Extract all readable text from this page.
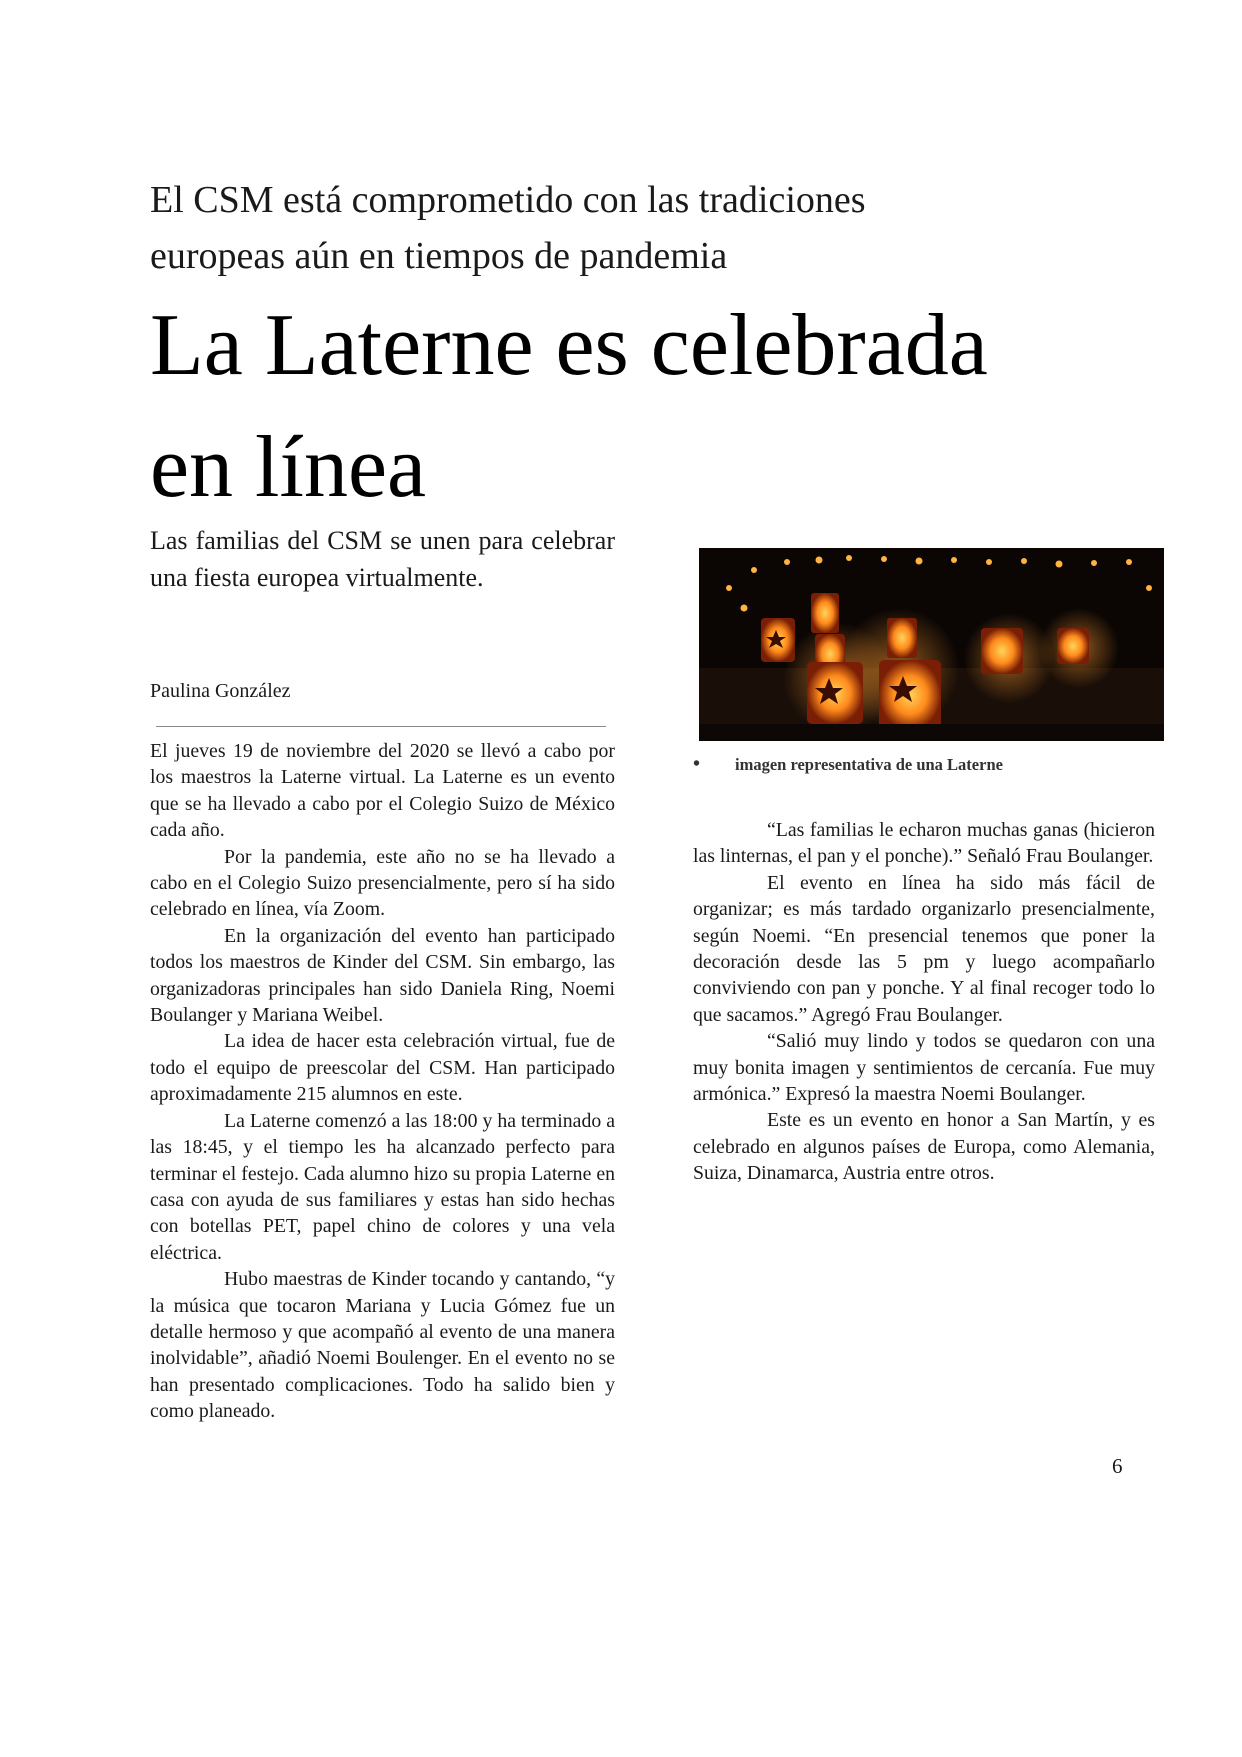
El CSM está comprometido con las tradiciones europeas aún en tiempos de pandemia
La Laterne es celebrada en línea
Las familias del CSM se unen para celebrar una fiesta europea virtualmente.
Paulina González

El jueves 19 de noviembre del 2020 se llevó a cabo por los maestros la Laterne virtual. La Laterne es un evento que se ha llevado a cabo por el Colegio Suizo de México cada año.

Por la pandemia, este año no se ha llevado a cabo en el Colegio Suizo presencialmente, pero sí ha sido celebrado en línea, vía Zoom.

En la organización del evento han participado todos los maestros de Kinder del CSM. Sin embargo, las organizadoras principales han sido Daniela Ring, Noemi Boulanger y Mariana Weibel.

La idea de hacer esta celebración virtual, fue de todo el equipo de preescolar del CSM. Han participado aproximadamente 215 alumnos en este.

La Laterne comenzó a las 18:00 y ha terminado a las 18:45, y el tiempo les ha alcanzado perfecto para terminar el festejo. Cada alumno hizo su propia Laterne en casa con ayuda de sus familiares y estas han sido hechas con botellas PET, papel chino de colores y una vela eléctrica.

Hubo maestras de Kinder tocando y cantando, “y la música que tocaron Mariana y Lucia Gómez fue un detalle hermoso y que acompañó al evento de una manera inolvidable”, añadió Noemi Boulenger. En el evento no se han presentado complicaciones. Todo ha salido bien y como planeado.

• imagen representativa de una Laterne

“Las familias le echaron muchas ganas (hicieron las linternas, el pan y el ponche).” Señaló Frau Boulanger.

El evento en línea ha sido más fácil de organizar; es más tardado organizarlo presencialmente, según Noemi. “En presencial tenemos que poner la decoración desde las 5 pm y luego acompañarlo conviviendo con pan y ponche. Y al final recoger todo lo que sacamos.” Agregó Frau Boulanger.

“Salió muy lindo y todos se quedaron con una muy bonita imagen y sentimientos de cercanía. Fue muy armónica.” Expresó la maestra Noemi Boulanger.

Este es un evento en honor a San Martín, y es celebrado en algunos países de Europa, como Alemania, Suiza, Dinamarca, Austria entre otros.

6
